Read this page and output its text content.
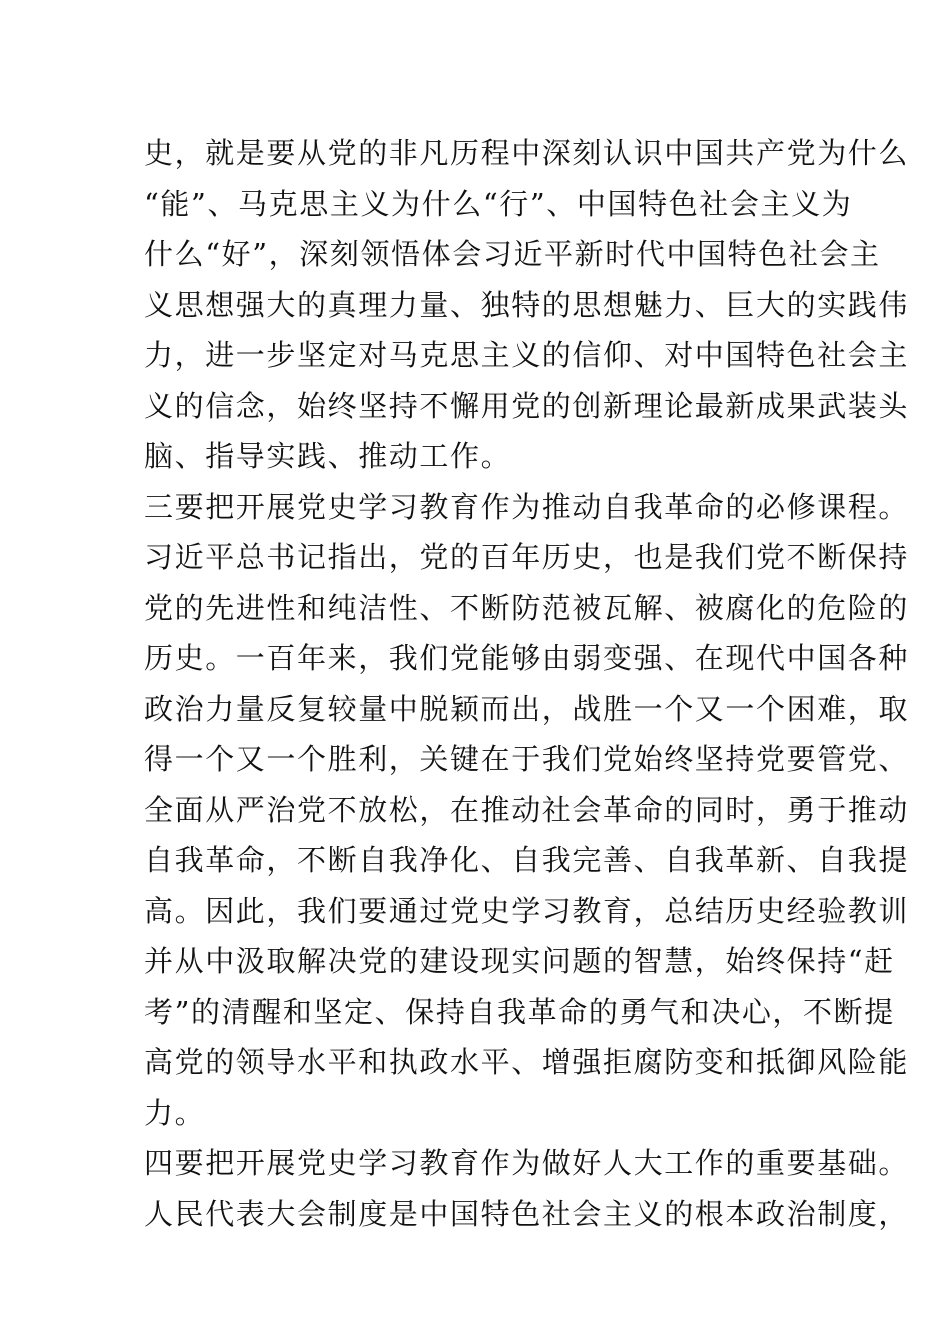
史，就是要从党的非凡历程中深刻认识中国共产党为什么
“能”、马克思主义为什么“行”、中国特色社会主义为
什么“好”，深刻领悟体会习近平新时代中国特色社会主
义思想强大的真理力量、独特的思想魅力、巨大的实践伟
力，进一步坚定对马克思主义的信仰、对中国特色社会主
义的信念，始终坚持不懈用党的创新理论最新成果武装头
脑、指导实践、推动工作。
三要把开展党史学习教育作为推动自我革命的必修课程。
习近平总书记指出，党的百年历史，也是我们党不断保持
党的先进性和纯洁性、不断防范被瓦解、被腐化的危险的
历史。一百年来，我们党能够由弱变强、在现代中国各种
政治力量反复较量中脱颖而出，战胜一个又一个困难，取
得一个又一个胜利，关键在于我们党始终坚持党要管党、
全面从严治党不放松，在推动社会革命的同时，勇于推动
自我革命，不断自我净化、自我完善、自我革新、自我提
高。因此，我们要通过党史学习教育，总结历史经验教训
并从中汲取解决党的建设现实问题的智慧，始终保持“赶
考”的清醒和坚定、保持自我革命的勇气和决心，不断提
高党的领导水平和执政水平、增强拒腐防变和抵御风险能
力。
四要把开展党史学习教育作为做好人大工作的重要基础。
人民代表大会制度是中国特色社会主义的根本政治制度，
